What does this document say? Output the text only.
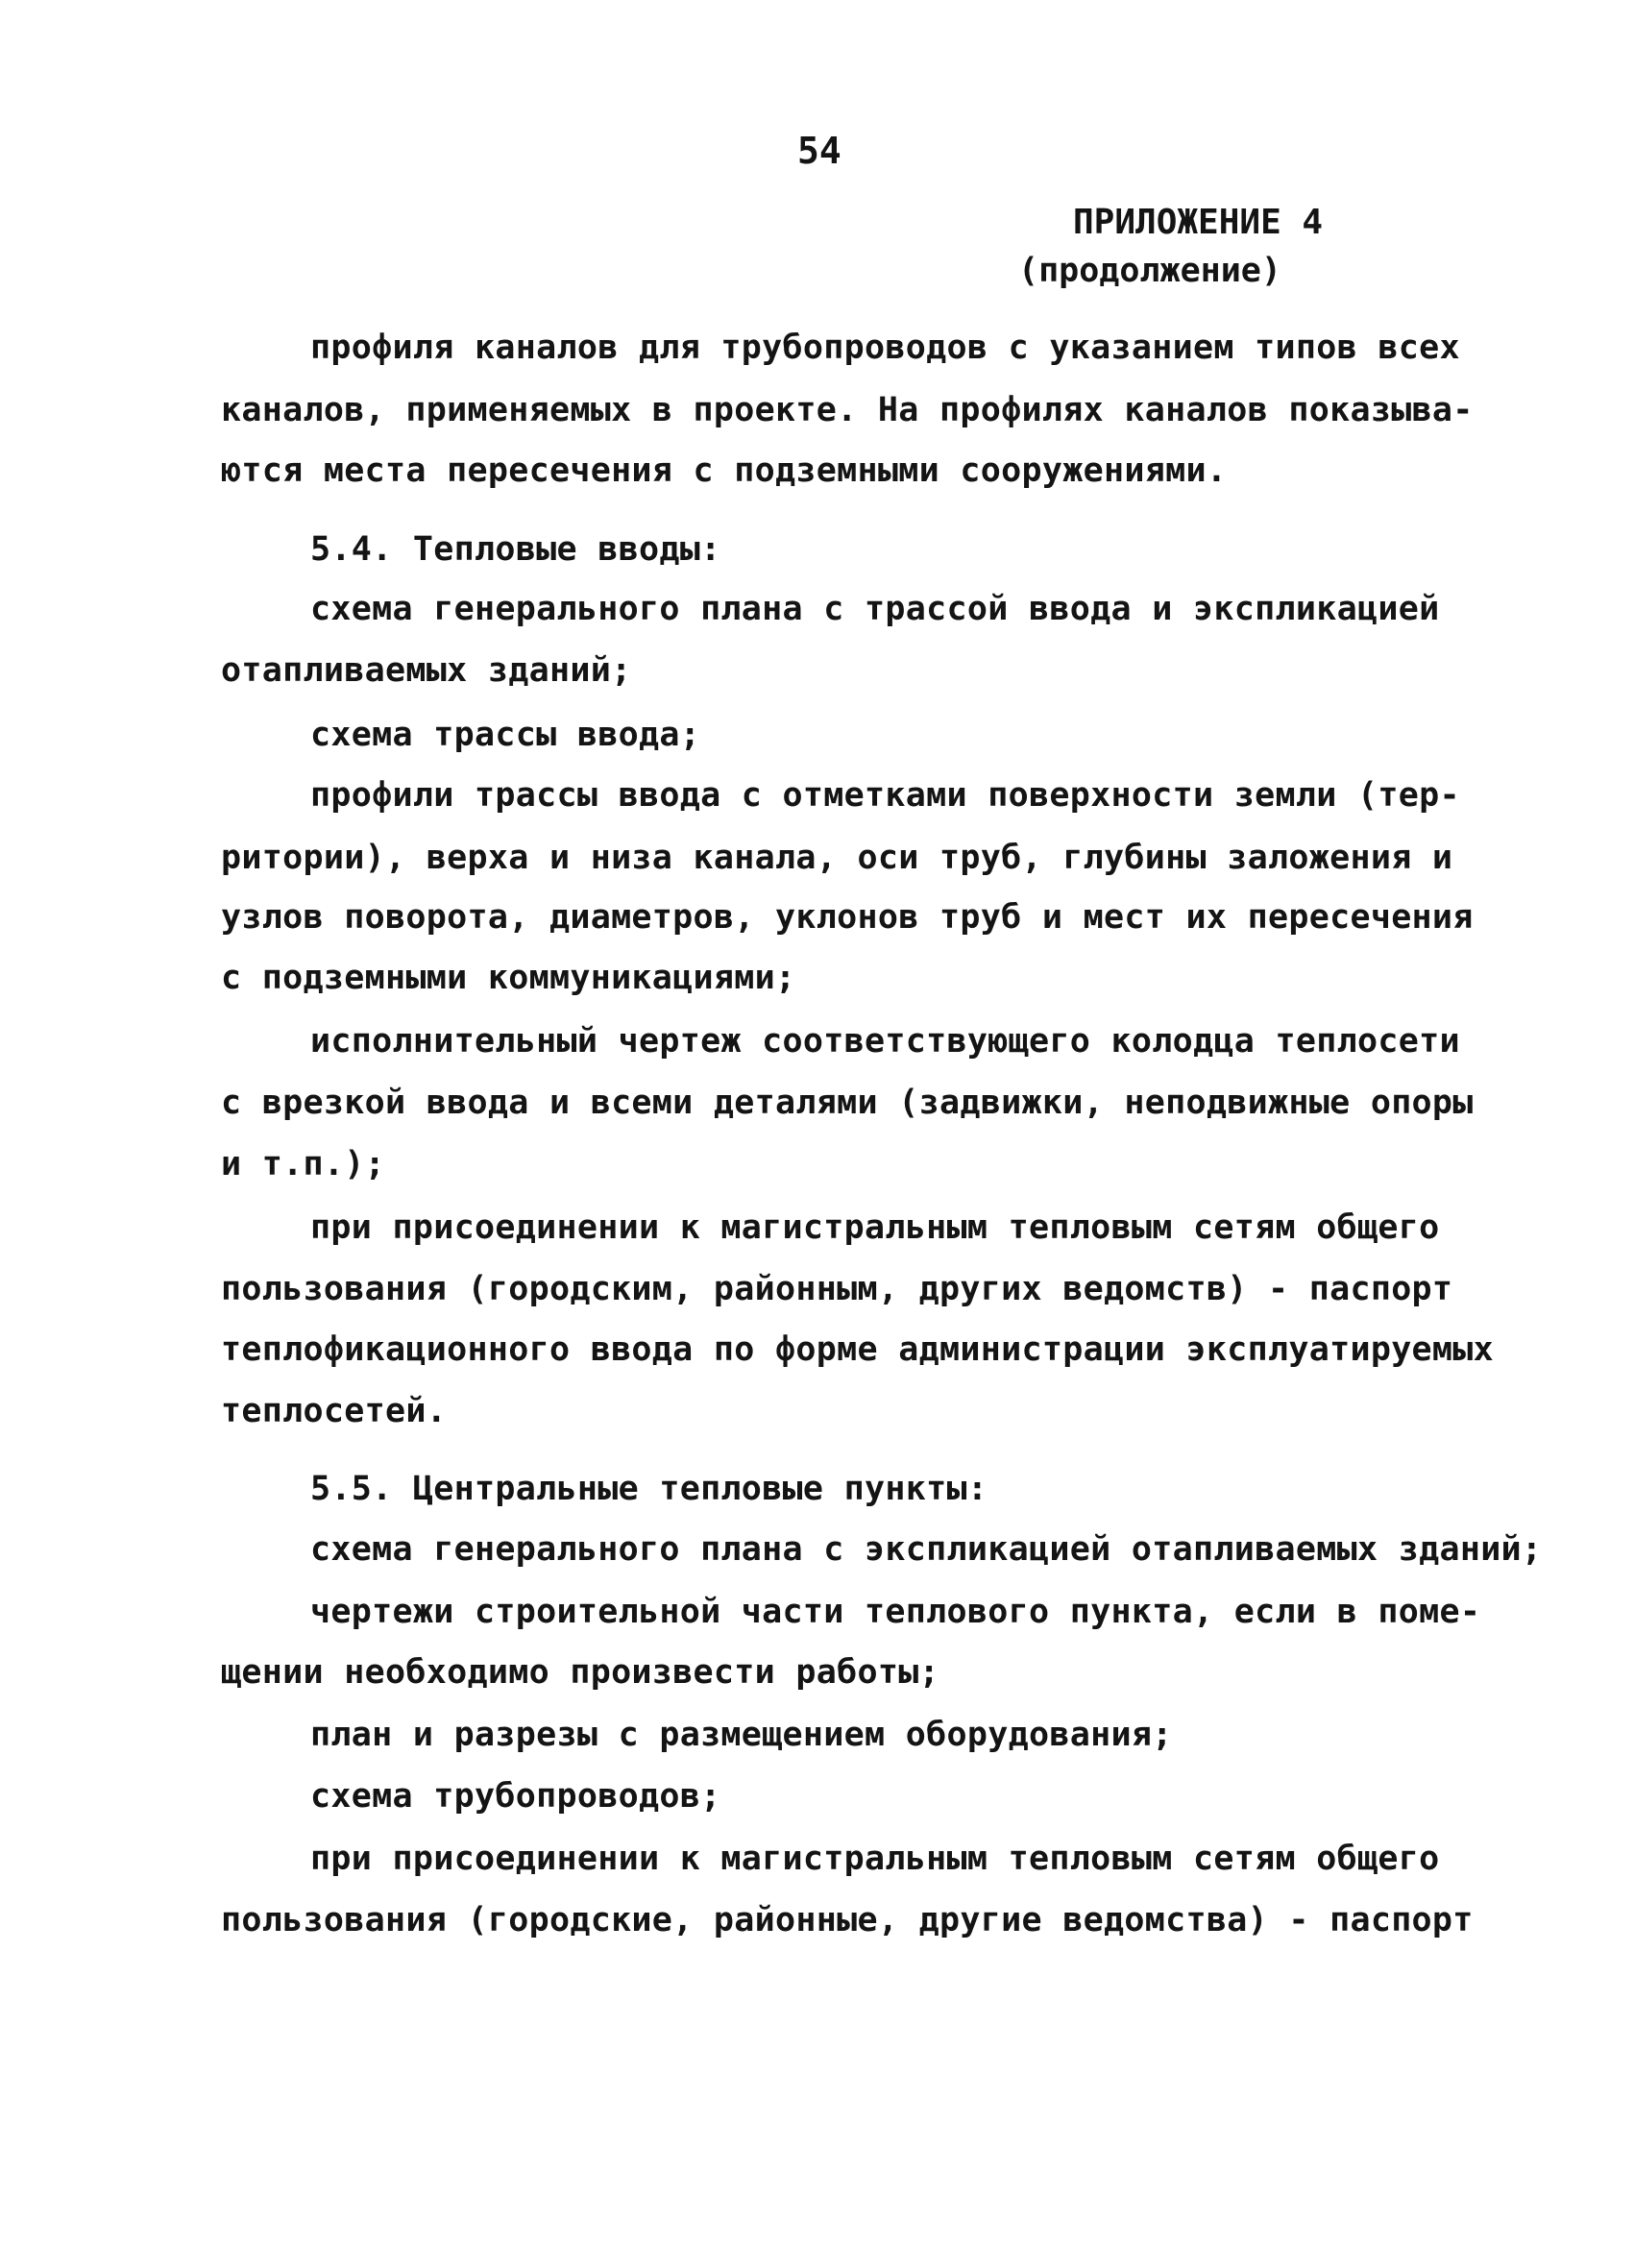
54
ПРИЛОЖЕНИЕ 4
(продолжение)
профиля каналов для трубопроводов с указанием типов всех
каналов, применяемых в проекте. На профилях каналов показыва-
ются места пересечения с подземными сооружениями.
5.4. Тепловые вводы:
схема генерального плана с трассой ввода и экспликацией
отапливаемых зданий;
схема трассы ввода;
профили трассы ввода с отметками поверхности земли (тер-
ритории), верха и низа канала, оси труб, глубины заложения и
узлов поворота, диаметров, уклонов труб и мест их пересечения
с подземными коммуникациями;
исполнительный чертеж соответствующего колодца теплосети
с врезкой ввода и всеми деталями (задвижки, неподвижные опоры
и т.п.);
при присоединении к магистральным тепловым сетям общего
пользования (городским, районным, других ведомств) - паспорт
теплофикационного ввода по форме администрации эксплуатируемых
теплосетей.
5.5. Центральные тепловые пункты:
схема генерального плана с экспликацией отапливаемых зданий;
чертежи строительной части теплового пункта, если в поме-
щении необходимо произвести работы;
план и разрезы с размещением оборудования;
схема трубопроводов;
при присоединении к магистральным тепловым сетям общего
пользования (городские, районные, другие ведомства) - паспорт
